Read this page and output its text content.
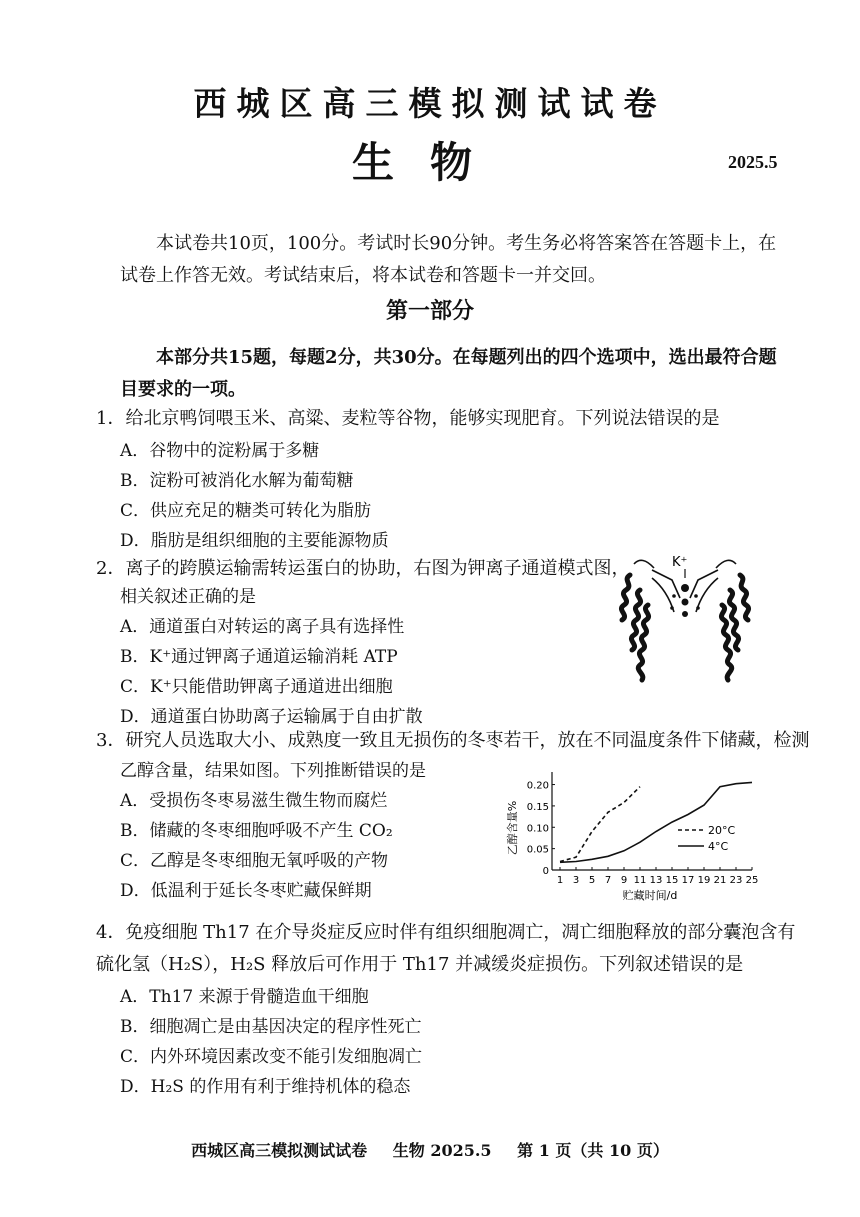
西城区高三模拟测试试卷
生物	2025.5
本试卷共10页，100分。考试时长90分钟。考生务必将答案答在答题卡上，在试卷上作答无效。考试结束后，将本试卷和答题卡一并交回。
第一部分
本部分共15题，每题2分，共30分。在每题列出的四个选项中，选出最符合题目要求的一项。
1．给北京鸭饲喂玉米、高粱、麦粒等谷物，能够实现肥育。下列说法错误的是
A．谷物中的淀粉属于多糖
B．淀粉可被消化水解为葡萄糖
C．供应充足的糖类可转化为脂肪
D．脂肪是组织细胞的主要能源物质
2．离子的跨膜运输需转运蛋白的协助，右图为钾离子通道模式图，
相关叙述正确的是
A．通道蛋白对转运的离子具有选择性
B．K⁺通过钾离子通道运输消耗 ATP
C．K⁺只能借助钾离子通道进出细胞
D．通道蛋白协助离子运输属于自由扩散
K⁺
3．研究人员选取大小、成熟度一致且无损伤的冬枣若干，放在不同温度条件下储藏，检测
乙醇含量，结果如图。下列推断错误的是
A．受损伤冬枣易滋生微生物而腐烂
B．储藏的冬枣细胞呼吸不产生 CO₂
C．乙醇是冬枣细胞无氧呼吸的产物
D．低温利于延长冬枣贮藏保鲜期
乙醇含量%
贮藏时间/d
0
0.05
0.10
0.15
0.20
1 3 5 7 9 11 13 15 17 19 21 23 25
20°C
4°C
4．免疫细胞 Th17 在介导炎症反应时伴有组织细胞凋亡，凋亡细胞释放的部分囊泡含有
硫化氢（H₂S），H₂S 释放后可作用于 Th17 并减缓炎症损伤。下列叙述错误的是
A．Th17 来源于骨髓造血干细胞
B．细胞凋亡是由基因决定的程序性死亡
C．内外环境因素改变不能引发细胞凋亡
D．H₂S 的作用有利于维持机体的稳态
西城区高三模拟测试试卷 生物 2025.5 第 1 页（共 10 页）
